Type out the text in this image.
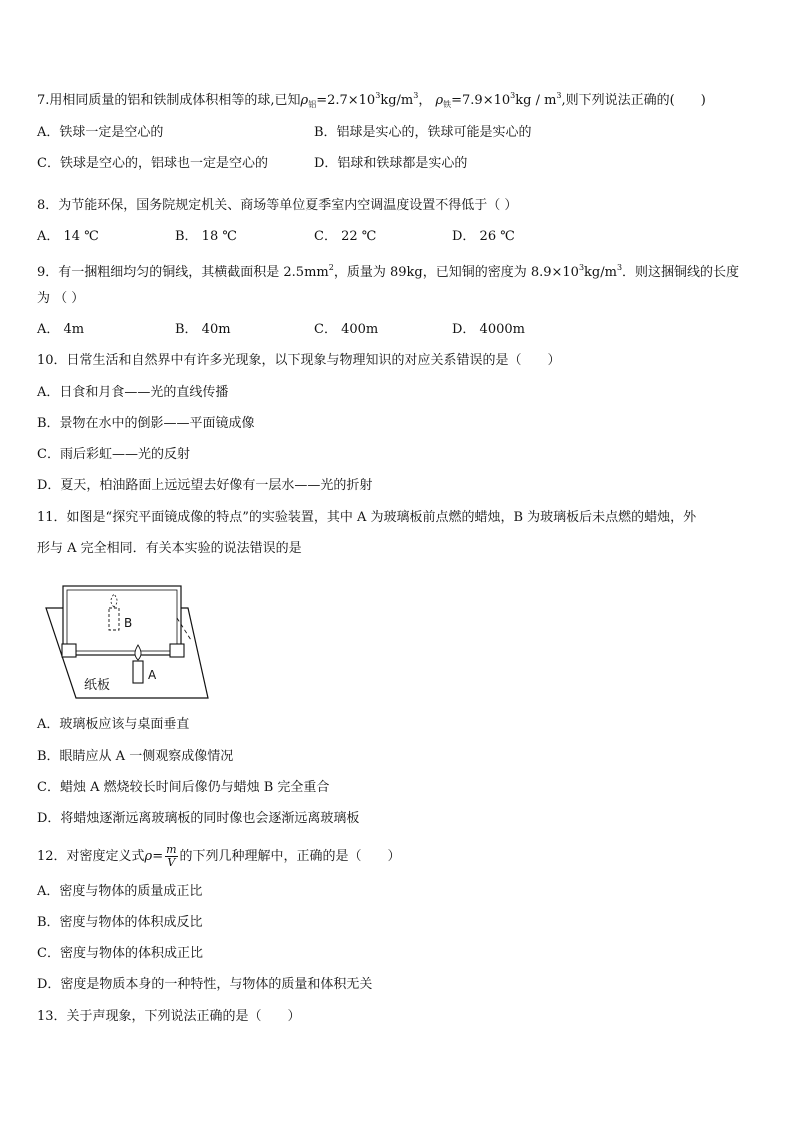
7.用相同质量的铝和铁制成体积相等的球,已知$\rho_铝=2.7\times 10^3kg/m^3$， $\rho_铁=7.9\times 10^3kg / m^3$,则下列说法正确的(　　)
A．铁球一定是空心的	B．铝球是实心的，铁球可能是实心的
C．铁球是空心的，铝球也一定是空心的	D．铝球和铁球都是实心的
8．为节能环保，国务院规定机关、商场等单位夏季室内空调温度设置不得低于（ ）
A． 14 ℃	B． 18 ℃	C． 22 ℃	D． 26 ℃
9．有一捆粗细均匀的铜线，其横截面积是 $2.5mm^2$，质量为 89kg，已知铜的密度为 $8.9\times 10^3kg/m^3$．则这捆铜线的长度
为 （ ）
A． 4m	B． 40m	C． 400m	D． 4000m
10．日常生活和自然界中有许多光现象，以下现象与物理知识的对应关系错误的是（　　）
A．日食和月食——光的直线传播
B．景物在水中的倒影——平面镜成像
C．雨后彩虹——光的反射
D．夏天，柏油路面上远远望去好像有一层水——光的折射
11．如图是“探究平面镜成像的特点”的实验装置，其中 A 为玻璃板前点燃的蜡烛，B 为玻璃板后未点燃的蜡烛，外
形与 A 完全相同．有关本实验的说法错误的是
B
A
纸板
A．玻璃板应该与桌面垂直
B．眼睛应从 A 一侧观察成像情况
C．蜡烛 A 燃烧较长时间后像仍与蜡烛 B 完全重合
D．将蜡烛逐渐远离玻璃板的同时像也会逐渐远离玻璃板
12．对密度定义式$\rho= \frac{m}{V}$ 的下列几种理解中，正确的是（　　）
A．密度与物体的质量成正比
B．密度与物体的体积成反比
C．密度与物体的体积成正比
D．密度是物质本身的一种特性，与物体的质量和体积无关
13．关于声现象，下列说法正确的是（　　）
